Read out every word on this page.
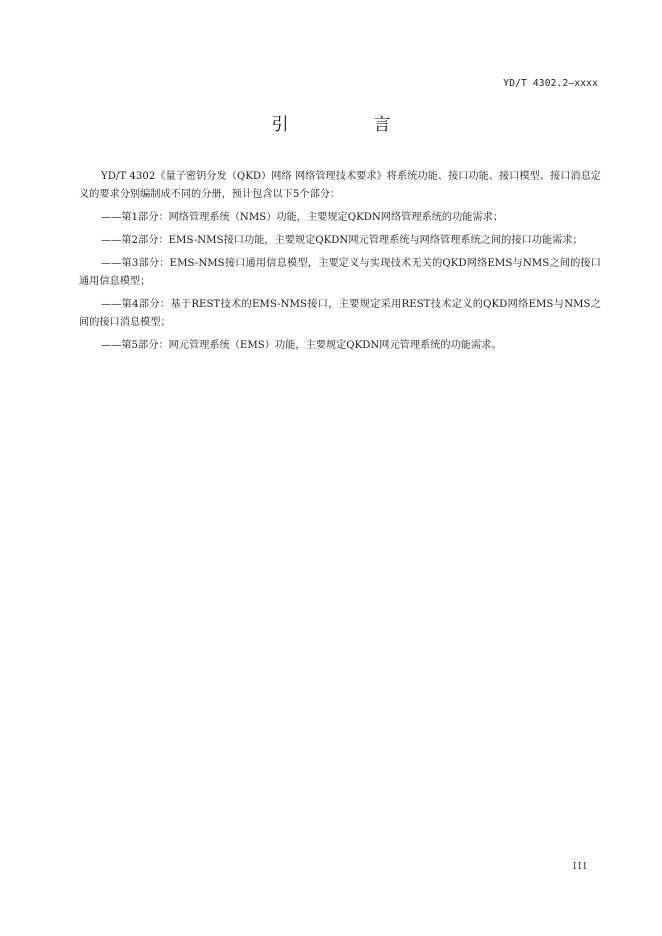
YD/T 4302.2—xxxx
引　言

YD/T 4302《量子密钥分发（QKD）网络 网络管理技术要求》将系统功能、接口功能、接口模型、接口消息定义的要求分别编制成不同的分册，预计包含以下5个部分：

——第1部分：网络管理系统（NMS）功能，主要规定QKDN网络管理系统的功能需求；

——第2部分：EMS-NMS接口功能，主要规定QKDN网元管理系统与网络管理系统之间的接口功能需求；

——第3部分：EMS-NMS接口通用信息模型，主要定义与实现技术无关的QKD网络EMS与NMS之间的接口通用信息模型；

——第4部分：基于REST技术的EMS-NMS接口，主要规定采用REST技术定义的QKD网络EMS与NMS之间的接口消息模型；

——第5部分：网元管理系统（EMS）功能，主要规定QKDN网元管理系统的功能需求。

III
